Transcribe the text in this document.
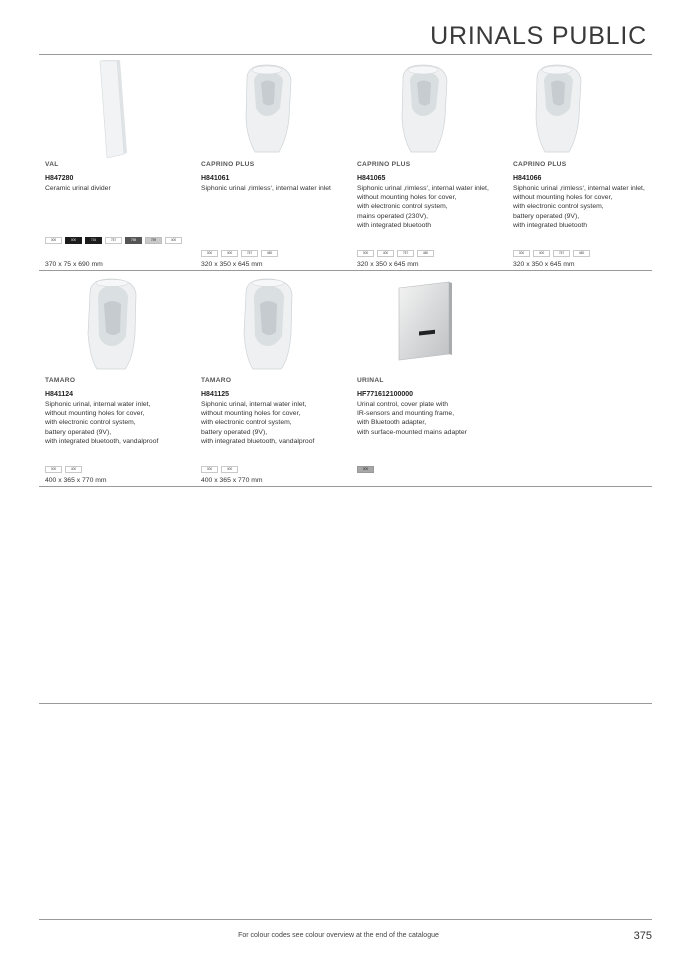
URINALS PUBLIC
VAL
H847280
Ceramic urinal divider
000	000	716	757	758	759	400
370 x 75 x 690 mm
CAPRINO PLUS
H841061
Siphonic urinal ‚rimless‘, internal water inlet
000	400	757	480
320 x 350 x 645 mm
CAPRINO PLUS
H841065
Siphonic urinal ‚rimless‘, internal water inlet, without mounting holes for cover,
with electronic control system,
mains operated (230V),
with integrated bluetooth
000	400	757	480
320 x 350 x 645 mm
CAPRINO PLUS
H841066
Siphonic urinal ‚rimless‘, internal water inlet, without mounting holes for cover,
with electronic control system,
battery operated (9V),
with integrated bluetooth
000	400	757	480
320 x 350 x 645 mm
TAMARO
H841124
Siphonic urinal, internal water inlet,
without mounting holes for cover,
with electronic control system,
battery operated (9V),
with integrated bluetooth, vandalproof
000	400
400 x 365 x 770 mm
TAMARO
H841125
Siphonic urinal, internal water inlet,
without mounting holes for cover,
with electronic control system,
battery operated (9V),
with integrated bluetooth, vandalproof
000	400
400 x 365 x 770 mm
URINAL
HF771612100000
Urinal control, cover plate with
IR-sensors and mounting frame,
with Bluetooth adapter,
with surface-mounted mains adapter
000
For colour codes see colour overview at the end of the catalogue	375
